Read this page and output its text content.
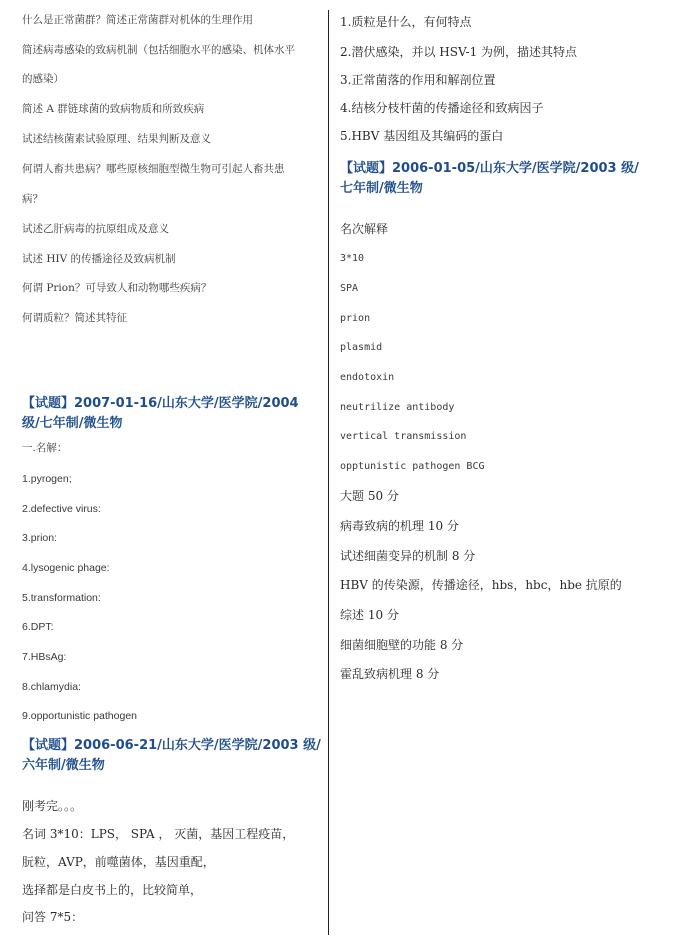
什么是正常菌群？简述正常菌群对机体的生理作用
简述病毒感染的致病机制（包括细胞水平的感染、机体水平
的感染）
简述 A 群链球菌的致病物质和所致疾病
试述结核菌素试验原理、结果判断及意义
何谓人畜共患病？哪些原核细胞型微生物可引起人畜共患
病？
试述乙肝病毒的抗原组成及意义
试述 HIV 的传播途径及致病机制
何谓 Prion？可导致人和动物哪些疾病？
何谓质粒？简述其特征
【试题】2007-01-16/山东大学/医学院/2004
级/七年制/微生物
一.名解：
1.pyrogen;
2.defective virus:
3.prion:
4.lysogenic phage:
5.transformation:
6.DPT:
7.HBsAg:
8.chlamydia:
9.opportunistic pathogen
【试题】2006-06-21/山东大学/医学院/2003 级/
六年制/微生物
刚考完。。。
名词 3*10：LPS， SPA ， 灭菌，基因工程疫苗，
朊粒，AVP，前噬菌体，基因重配，
选择都是白皮书上的，比较简单，
问答 7*5：
1.质粒是什么，有何特点
2.潜伏感染，并以 HSV-1 为例，描述其特点
3.正常菌落的作用和解剖位置
4.结核分枝杆菌的传播途径和致病因子
5.HBV 基因组及其编码的蛋白
【试题】2006-01-05/山东大学/医学院/2003 级/
七年制/微生物
名次解释
3*10
SPA
prion
plasmid
endotoxin
neutrilize antibody
vertical transmission
opptunistic pathogen BCG
大题 50 分
病毒致病的机理 10 分
试述细菌变异的机制 8 分
HBV 的传染源，传播途径，hbs，hbc，hbe 抗原的
综述 10 分
细菌细胞壁的功能 8 分
霍乱致病机理 8 分
